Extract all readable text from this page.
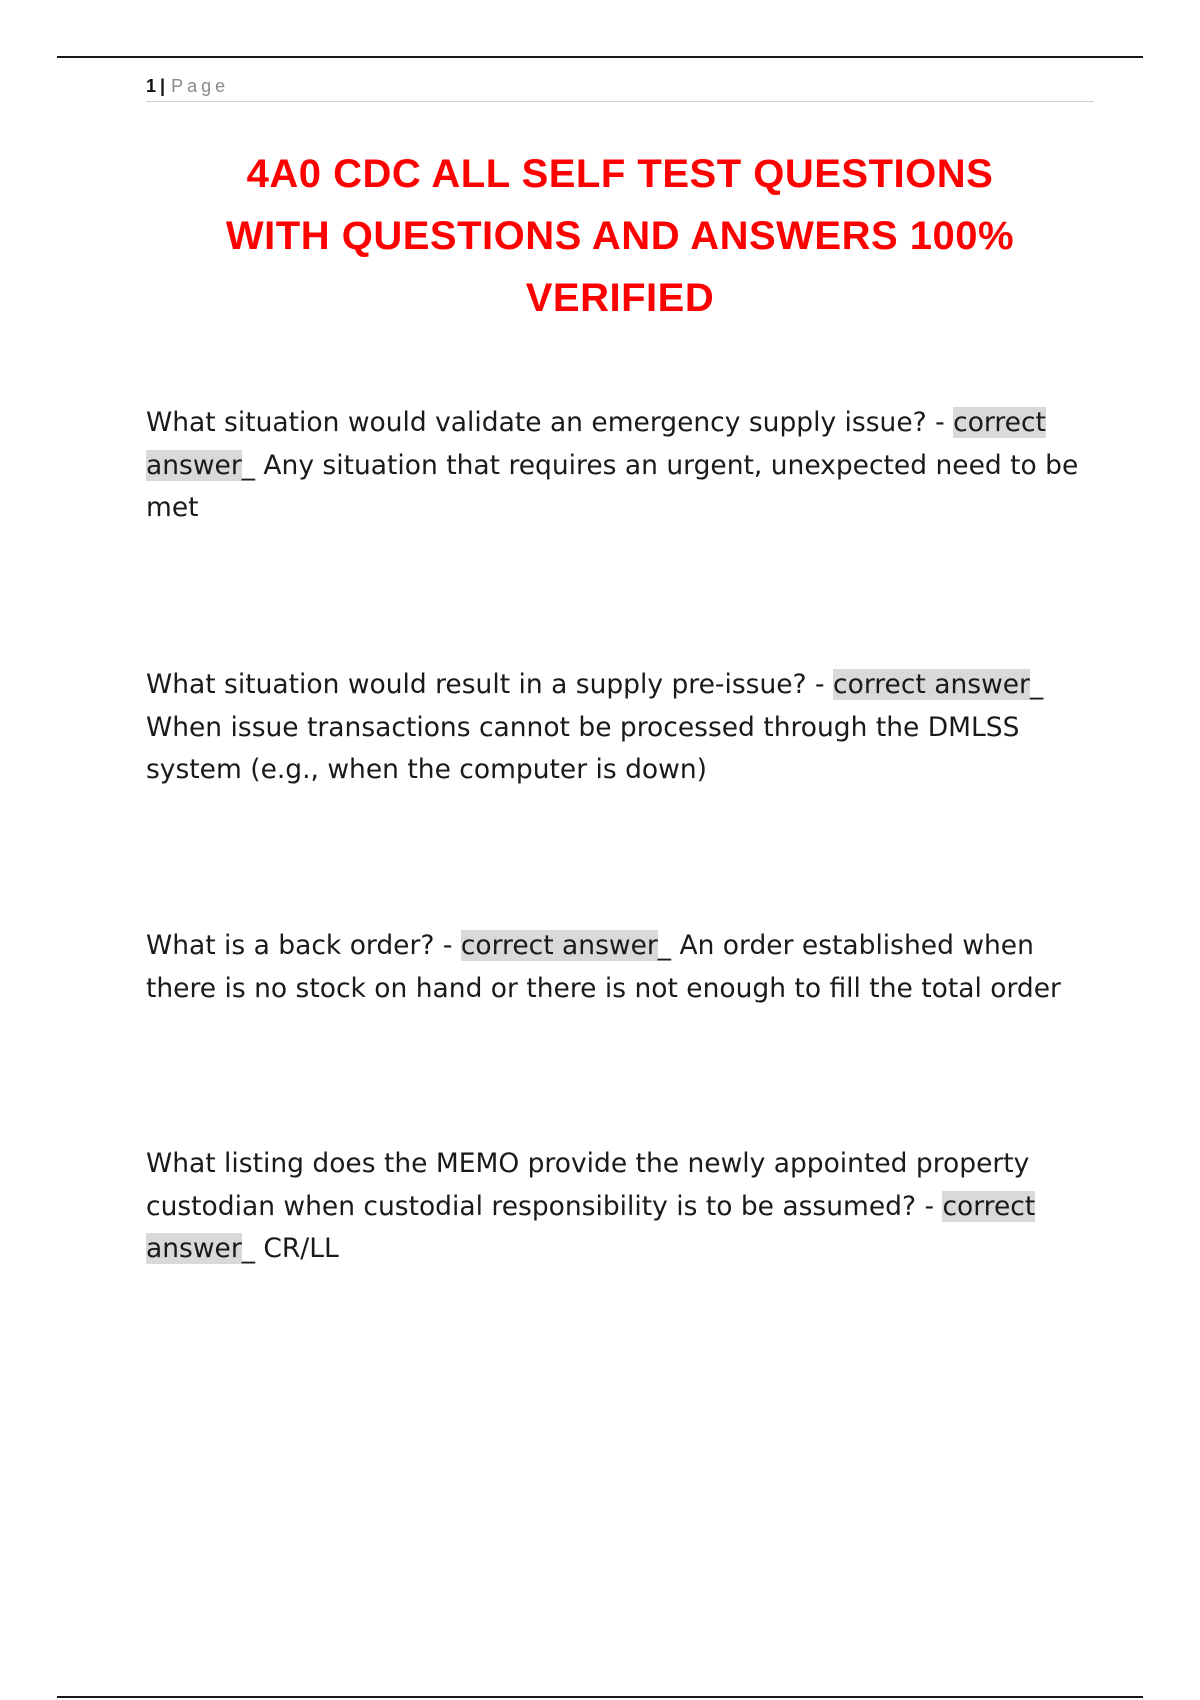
1 | Page
4A0 CDC ALL SELF TEST QUESTIONS
WITH QUESTIONS AND ANSWERS 100%
VERIFIED

What situation would validate an emergency supply issue? - correct answer_ Any situation that requires an urgent, unexpected need to be met

What situation would result in a supply pre-issue? - correct answer_ When issue transactions cannot be processed through the DMLSS system (e.g., when the computer is down)

What is a back order? - correct answer_ An order established when there is no stock on hand or there is not enough to fill the total order

What listing does the MEMO provide the newly appointed property custodian when custodial responsibility is to be assumed? - correct answer_ CR/LL
